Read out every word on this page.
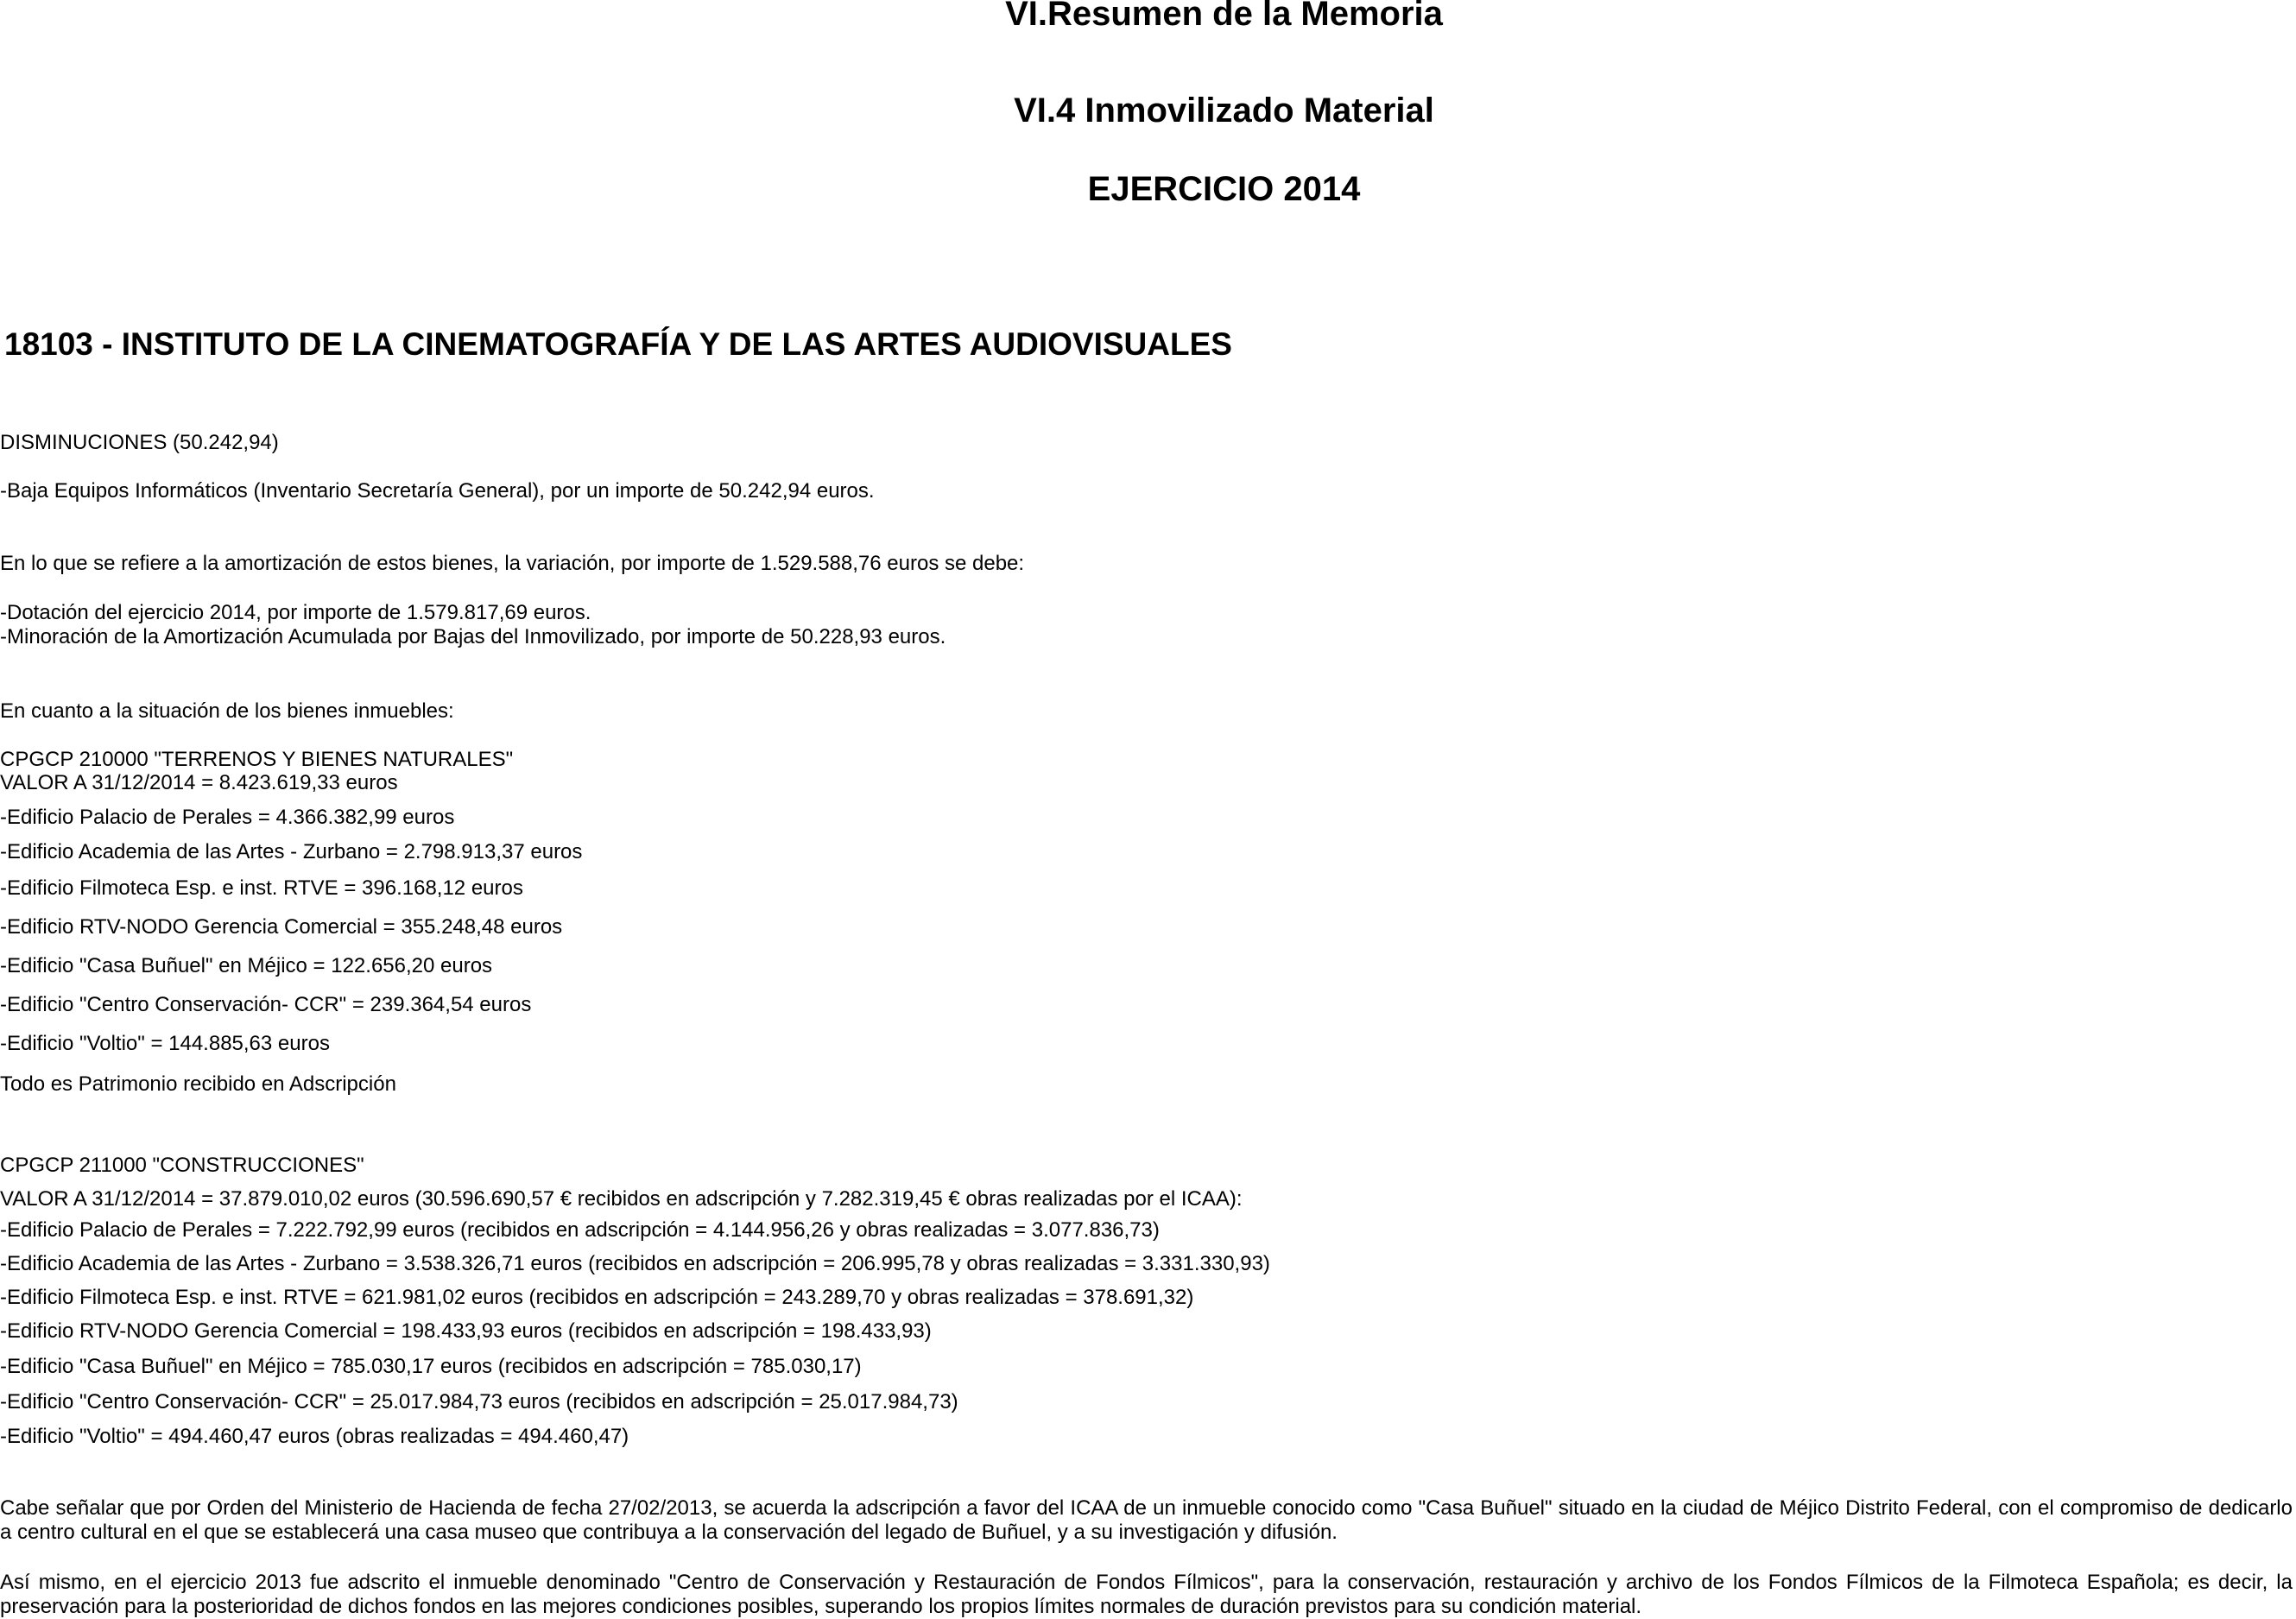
VI.Resumen de la Memoria
VI.4 Inmovilizado Material
EJERCICIO 2014
18103 - INSTITUTO DE LA CINEMATOGRAFÍA Y DE LAS ARTES AUDIOVISUALES
DISMINUCIONES (50.242,94)
-Baja Equipos Informáticos (Inventario Secretaría General), por un importe de 50.242,94 euros.
En lo que se refiere a la amortización de estos bienes, la variación, por importe de 1.529.588,76 euros se debe:
-Dotación del ejercicio 2014, por importe de 1.579.817,69 euros.
-Minoración de la Amortización Acumulada por Bajas del Inmovilizado, por importe de 50.228,93 euros.
En cuanto a la situación de los bienes inmuebles:
CPGCP 210000 "TERRENOS Y BIENES NATURALES"
VALOR A 31/12/2014 = 8.423.619,33 euros
-Edificio Palacio de Perales = 4.366.382,99 euros
-Edificio Academia de las Artes - Zurbano = 2.798.913,37 euros
-Edificio Filmoteca Esp. e inst. RTVE = 396.168,12 euros
-Edificio RTV-NODO Gerencia Comercial = 355.248,48 euros
-Edificio "Casa Buñuel" en Méjico = 122.656,20 euros
-Edificio "Centro Conservación- CCR" = 239.364,54 euros
-Edificio "Voltio" = 144.885,63 euros
Todo es Patrimonio recibido en Adscripción
CPGCP 211000 "CONSTRUCCIONES"
VALOR A 31/12/2014 = 37.879.010,02 euros (30.596.690,57 € recibidos en adscripción y 7.282.319,45 € obras realizadas por el ICAA):
-Edificio Palacio de Perales = 7.222.792,99 euros (recibidos en adscripción = 4.144.956,26 y obras realizadas = 3.077.836,73)
-Edificio Academia de las Artes - Zurbano = 3.538.326,71 euros (recibidos en adscripción = 206.995,78 y obras realizadas = 3.331.330,93)
-Edificio Filmoteca Esp. e inst. RTVE = 621.981,02 euros (recibidos en adscripción = 243.289,70 y obras realizadas = 378.691,32)
-Edificio RTV-NODO Gerencia Comercial = 198.433,93 euros (recibidos en adscripción = 198.433,93)
-Edificio "Casa Buñuel" en Méjico = 785.030,17 euros (recibidos en adscripción = 785.030,17)
-Edificio "Centro Conservación- CCR" = 25.017.984,73 euros (recibidos en adscripción = 25.017.984,73)
-Edificio "Voltio" = 494.460,47 euros (obras realizadas = 494.460,47)
Cabe señalar que por Orden del Ministerio de Hacienda de fecha 27/02/2013, se acuerda la adscripción a favor del ICAA de un inmueble conocido como "Casa Buñuel" situado en la ciudad de Méjico Distrito Federal, con el compromiso de dedicarlo a centro cultural en el que se establecerá una casa museo que contribuya a la conservación del legado de Buñuel, y a su investigación y difusión.
Así mismo, en el ejercicio 2013 fue adscrito el inmueble denominado "Centro de Conservación y Restauración de Fondos Fílmicos", para la conservación, restauración y archivo de los Fondos Fílmicos de la Filmoteca Española; es decir, la preservación para la posterioridad de dichos fondos en las mejores condiciones posibles, superando los propios límites normales de duración previstos para su condición material.
